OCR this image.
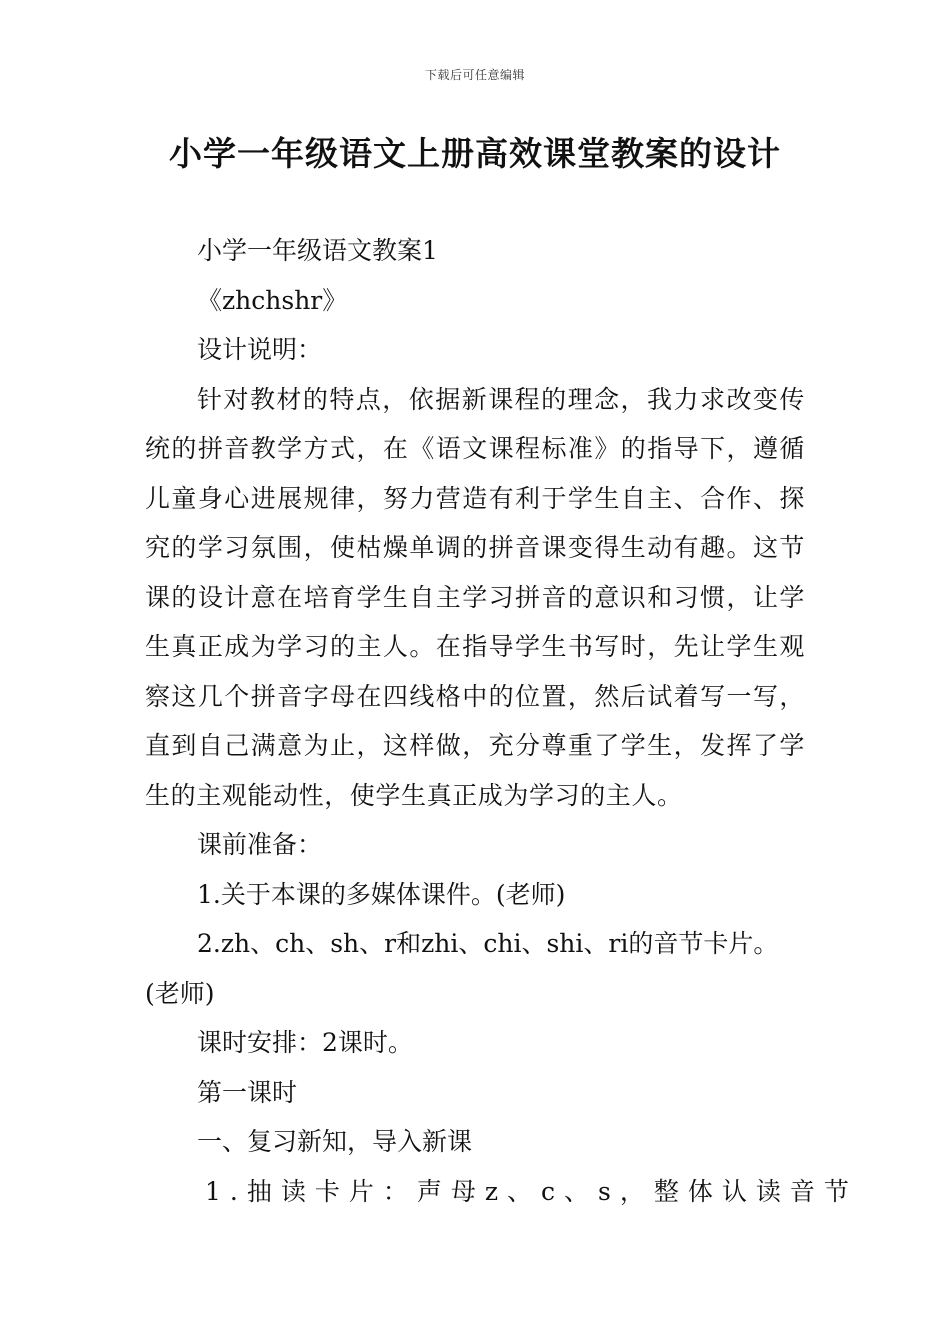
下载后可任意编辑
小学一年级语文上册高效课堂教案的设计

小学一年级语文教案1

《zhchshr》

设计说明：

针对教材的特点，依据新课程的理念，我力求改变传统的拼音教学方式，在《语文课程标准》的指导下，遵循儿童身心进展规律，努力营造有利于学生自主、合作、探究的学习氛围，使枯燥单调的拼音课变得生动有趣。这节课的设计意在培育学生自主学习拼音的意识和习惯，让学生真正成为学习的主人。在指导学生书写时，先让学生观察这几个拼音字母在四线格中的位置，然后试着写一写，直到自己满意为止，这样做，充分尊重了学生，发挥了学生的主观能动性，使学生真正成为学习的主人。

课前准备：

1.关于本课的多媒体课件。(老师)

2.zh、ch、sh、r和zhi、chi、shi、ri的音节卡片。(老师)

课时安排：2课时。

第一课时

一、复习新知，导入新课

1.抽读卡片：声母z、c、s，整体认读音节
